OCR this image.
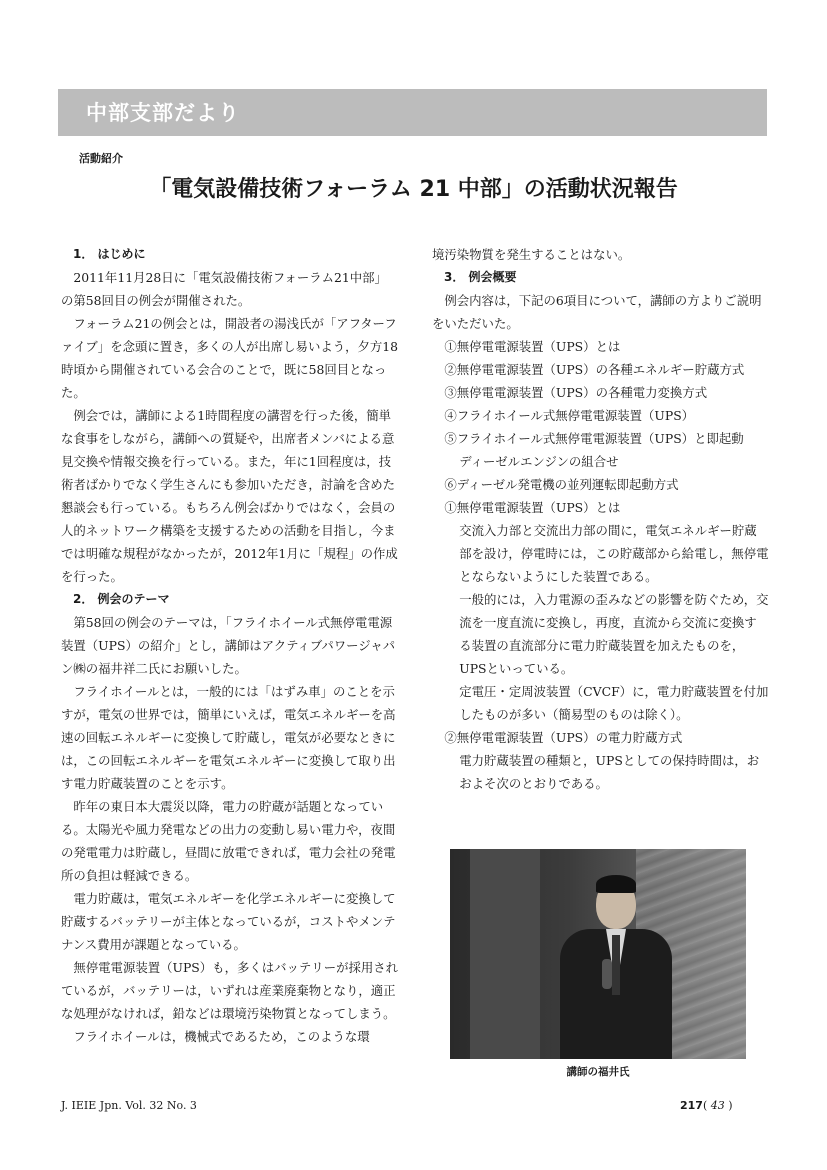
中部支部だより
活動紹介
「電気設備技術フォーラム 21 中部」の活動状況報告

1． はじめに

2011年11月28日に「電気設備技術フォーラム21中部」の第58回目の例会が開催された。

フォーラム21の例会とは，開設者の湯浅氏が「アフターファイブ」を念頭に置き，多くの人が出席し易いよう，夕方18時頃から開催されている会合のことで，既に58回目となった。

例会では，講師による1時間程度の講習を行った後，簡単な食事をしながら，講師への質疑や，出席者メンバによる意見交換や情報交換を行っている。また，年に1回程度は，技術者ばかりでなく学生さんにも参加いただき，討論を含めた懇談会も行っている。もちろん例会ばかりではなく，会員の人的ネットワーク構築を支援するための活動を目指し，今までは明確な規程がなかったが，2012年1月に「規程」の作成を行った。

2． 例会のテーマ

第58回の例会のテーマは，「フライホイール式無停電電源装置（UPS）の紹介」とし，講師はアクティブパワージャパン㈱の福井祥二氏にお願いした。

フライホイールとは，一般的には「はずみ車」のことを示すが，電気の世界では，簡単にいえば，電気エネルギーを高速の回転エネルギーに変換して貯蔵し，電気が必要なときには，この回転エネルギーを電気エネルギーに変換して取り出す電力貯蔵装置のことを示す。

昨年の東日本大震災以降，電力の貯蔵が話題となっている。太陽光や風力発電などの出力の変動し易い電力や，夜間の発電電力は貯蔵し，昼間に放電できれば，電力会社の発電所の負担は軽減できる。

電力貯蔵は，電気エネルギーを化学エネルギーに変換して貯蔵するバッテリーが主体となっているが，コストやメンテナンス費用が課題となっている。

無停電電源装置（UPS）も，多くはバッテリーが採用されているが，バッテリーは，いずれは産業廃棄物となり，適正な処理がなければ，鉛などは環境汚染物質となってしまう。

フライホイールは，機械式であるため，このような環

境汚染物質を発生することはない。

3． 例会概要

例会内容は，下記の6項目について，講師の方よりご説明をいただいた。

①無停電電源装置（UPS）とは

②無停電電源装置（UPS）の各種エネルギー貯蔵方式

③無停電電源装置（UPS）の各種電力変換方式

④フライホイール式無停電電源装置（UPS）

⑤フライホイール式無停電電源装置（UPS）と即起動

ディーゼルエンジンの組合せ

⑥ディーゼル発電機の並列運転即起動方式

①無停電電源装置（UPS）とは

交流入力部と交流出力部の間に，電気エネルギー貯蔵部を設け，停電時には，この貯蔵部から給電し，無停電とならないようにした装置である。

一般的には，入力電源の歪みなどの影響を防ぐため，交流を一度直流に変換し，再度，直流から交流に変換する装置の直流部分に電力貯蔵装置を加えたものを，UPSといっている。

定電圧・定周波装置（CVCF）に，電力貯蔵装置を付加したものが多い（簡易型のものは除く）。

②無停電電源装置（UPS）の電力貯蔵方式

電力貯蔵装置の種類と，UPSとしての保持時間は，おおよそ次のとおりである。

講師の福井氏
J. IEIE Jpn. Vol. 32 No. 3	217( 43 )
